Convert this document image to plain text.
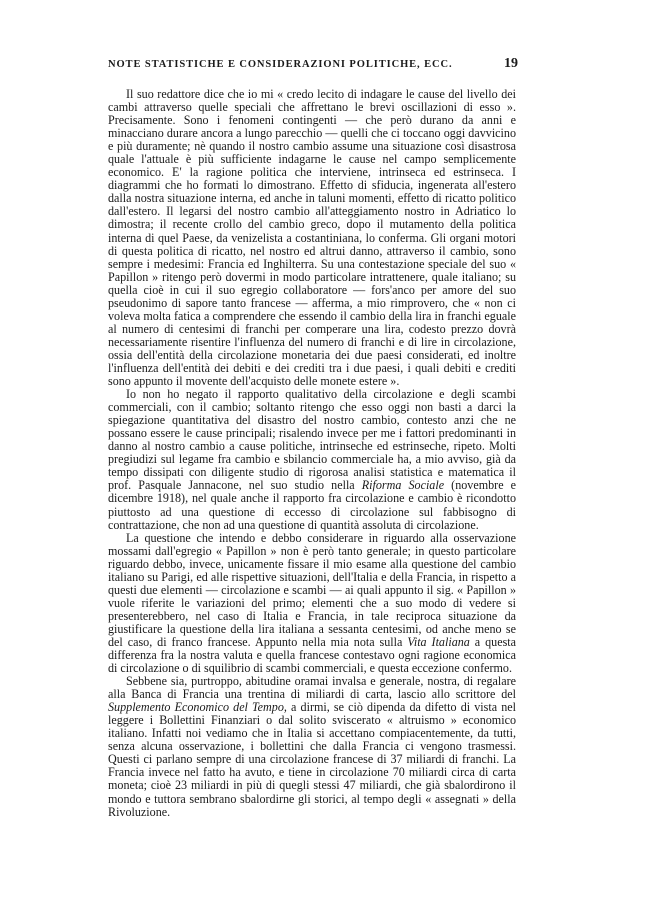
NOTE STATISTICHE E CONSIDERAZIONI POLITICHE, ECC.	19

Il suo redattore dice che io mi « credo lecito di indagare le cause del livello dei cambi attraverso quelle speciali che affrettano le brevi oscillazioni di esso ». Precisamente. Sono i fenomeni contingenti — che però durano da anni e minacciano durare ancora a lungo parecchio — quelli che ci toccano oggi davvicino e più duramente; nè quando il nostro cambio assume una situazione così disastrosa quale l'attuale è più sufficiente indagarne le cause nel campo semplicemente economico. E' la ragione politica che interviene, intrinseca ed estrinseca. I diagrammi che ho formati lo dimostrano. Effetto di sfiducia, ingenerata all'estero dalla nostra situazione interna, ed anche in taluni momenti, effetto di ricatto politico dall'estero. Il legarsi del nostro cambio all'atteggiamento nostro in Adriatico lo dimostra; il recente crollo del cambio greco, dopo il mutamento della politica interna di quel Paese, da venizelista a costantiniana, lo conferma. Gli organi motori di questa politica di ricatto, nel nostro ed altrui danno, attraverso il cambio, sono sempre i medesimi: Francia ed Inghilterra. Su una contestazione speciale del suo « Papillon » ritengo però dovermi in modo particolare intrattenere, quale italiano; su quella cioè in cui il suo egregio collaboratore — fors'anco per amore del suo pseudonimo di sapore tanto francese — afferma, a mio rimprovero, che « non ci voleva molta fatica a comprendere che essendo il cambio della lira in franchi eguale al numero di centesimi di franchi per comperare una lira, codesto prezzo dovrà necessariamente risentire l'influenza del numero di franchi e di lire in circolazione, ossia dell'entità della circolazione monetaria dei due paesi considerati, ed inoltre l'influenza dell'entità dei debiti e dei crediti tra i due paesi, i quali debiti e crediti sono appunto il movente dell'acquisto delle monete estere ».

Io non ho negato il rapporto qualitativo della circolazione e degli scambi commerciali, con il cambio; soltanto ritengo che esso oggi non basti a darci la spiegazione quantitativa del disastro del nostro cambio, contesto anzi che ne possano essere le cause principali; risalendo invece per me i fattori predominanti in danno al nostro cambio a cause politiche, intrinseche ed estrinseche, ripeto. Molti pregiudizi sul legame fra cambio e sbilancio commerciale ha, a mio avviso, già da tempo dissipati con diligente studio di rigorosa analisi statistica e matematica il prof. Pasquale Jannacone, nel suo studio nella Riforma Sociale (novembre e dicembre 1918), nel quale anche il rapporto fra circolazione e cambio è ricondotto piuttosto ad una questione di eccesso di circolazione sul fabbisogno di contrattazione, che non ad una questione di quantità assoluta di circolazione.

La questione che intendo e debbo considerare in riguardo alla osservazione mossami dall'egregio « Papillon » non è però tanto generale; in questo particolare riguardo debbo, invece, unicamente fissare il mio esame alla questione del cambio italiano su Parigi, ed alle rispettive situazioni, dell'Italia e della Francia, in rispetto a questi due elementi — circolazione e scambi — ai quali appunto il sig. « Papillon » vuole riferite le variazioni del primo; elementi che a suo modo di vedere si presenterebbero, nel caso di Italia e Francia, in tale reciproca situazione da giustificare la questione della lira italiana a sessanta centesimi, od anche meno se del caso, di franco francese. Appunto nella mia nota sulla Vita Italiana a questa differenza fra la nostra valuta e quella francese contestavo ogni ragione economica di circolazione o di squilibrio di scambi commerciali, e questa eccezione confermo.

Sebbene sia, purtroppo, abitudine oramai invalsa e generale, nostra, di regalare alla Banca di Francia una trentina di miliardi di carta, lascio allo scrittore del Supplemento Economico del Tempo, a dirmi, se ciò dipenda da difetto di vista nel leggere i Bollettini Finanziari o dal solito sviscerato « altruismo » economico italiano. Infatti noi vediamo che in Italia si accettano compiacentemente, da tutti, senza alcuna osservazione, i bollettini che dalla Francia ci vengono trasmessi. Questi ci parlano sempre di una circolazione francese di 37 miliardi di franchi. La Francia invece nel fatto ha avuto, e tiene in circolazione 70 miliardi circa di carta moneta; cioè 23 miliardi in più di quegli stessi 47 miliardi, che già sbalordirono il mondo e tuttora sembrano sbalordirne gli storici, al tempo degli « assegnati » della Rivoluzione.
